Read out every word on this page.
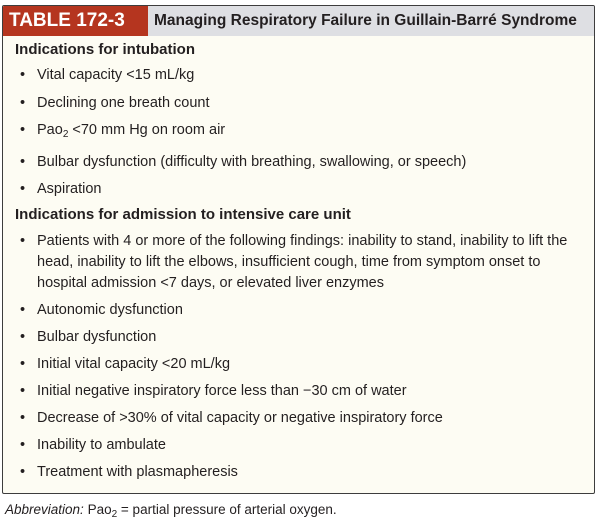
TABLE 172-3	Managing Respiratory Failure in Guillain-Barré Syndrome
Indications for intubation
• Vital capacity <15 mL/kg
• Declining one breath count
• Pao$_2$ <70 mm Hg on room air
• Bulbar dysfunction (difficulty with breathing, swallowing, or speech)
• Aspiration
Indications for admission to intensive care unit
• Patients with 4 or more of the following findings: inability to stand, inability to lift the head, inability to lift the elbows, insufficient cough, time from symptom onset to hospital admission <7 days, or elevated liver enzymes
• Autonomic dysfunction
• Bulbar dysfunction
• Initial vital capacity <20 mL/kg
• Initial negative inspiratory force less than −30 cm of water
• Decrease of >30% of vital capacity or negative inspiratory force
• Inability to ambulate
• Treatment with plasmapheresis
Abbreviation: Pao$_2$ = partial pressure of arterial oxygen.
